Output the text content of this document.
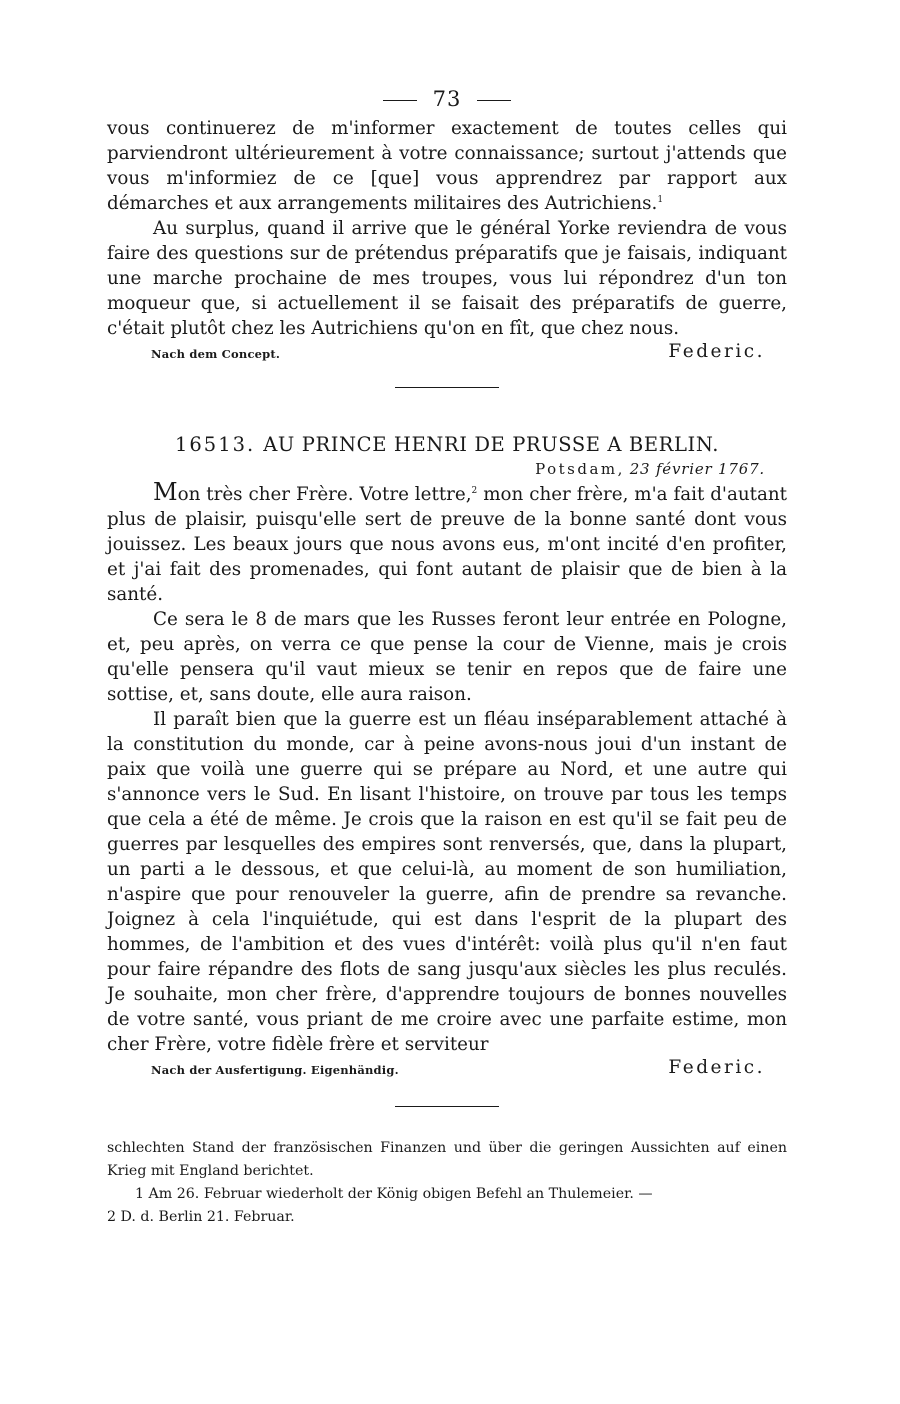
73

vous continuerez de m'informer exactement de toutes celles qui parviendront ultérieurement à votre connaissance; surtout j'attends que vous m'informiez de ce [que] vous apprendrez par rapport aux démarches et aux arrangements militaires des Autrichiens.$^1$

Au surplus, quand il arrive que le général Yorke reviendra de vous faire des questions sur de prétendus préparatifs que je faisais, indiquant une marche prochaine de mes troupes, vous lui répondrez d'un ton moqueur que, si actuellement il se faisait des préparatifs de guerre, c'était plutôt chez les Autrichiens qu'on en fît, que chez nous.

Nach dem Concept.	Federic.
16513. AU PRINCE HENRI DE PRUSSE A BERLIN.
Potsdam, 23 février 1767.

Mon très cher Frère. Votre lettre,$^2$ mon cher frère, m'a fait d'autant plus de plaisir, puisqu'elle sert de preuve de la bonne santé dont vous jouissez. Les beaux jours que nous avons eus, m'ont incité d'en profiter, et j'ai fait des promenades, qui font autant de plaisir que de bien à la santé.

Ce sera le 8 de mars que les Russes feront leur entrée en Pologne, et, peu après, on verra ce que pense la cour de Vienne, mais je crois qu'elle pensera qu'il vaut mieux se tenir en repos que de faire une sottise, et, sans doute, elle aura raison.

Il paraît bien que la guerre est un fléau inséparablement attaché à la constitution du monde, car à peine avons-nous joui d'un instant de paix que voilà une guerre qui se prépare au Nord, et une autre qui s'annonce vers le Sud. En lisant l'histoire, on trouve par tous les temps que cela a été de même. Je crois que la raison en est qu'il se fait peu de guerres par lesquelles des empires sont renversés, que, dans la plupart, un parti a le dessous, et que celui-là, au moment de son humiliation, n'aspire que pour renouveler la guerre, afin de prendre sa revanche. Joignez à cela l'inquiétude, qui est dans l'esprit de la plupart des hommes, de l'ambition et des vues d'intérêt: voilà plus qu'il n'en faut pour faire répandre des flots de sang jusqu'aux siècles les plus reculés. Je souhaite, mon cher frère, d'apprendre toujours de bonnes nouvelles de votre santé, vous priant de me croire avec une parfaite estime, mon cher Frère, votre fidèle frère et serviteur

Nach der Ausfertigung. Eigenhändig.	Federic.

schlechten Stand der französischen Finanzen und über die geringen Aussichten auf einen Krieg mit England berichtet.

1 Am 26. Februar wiederholt der König obigen Befehl an Thulemeier. —

2 D. d. Berlin 21. Februar.
